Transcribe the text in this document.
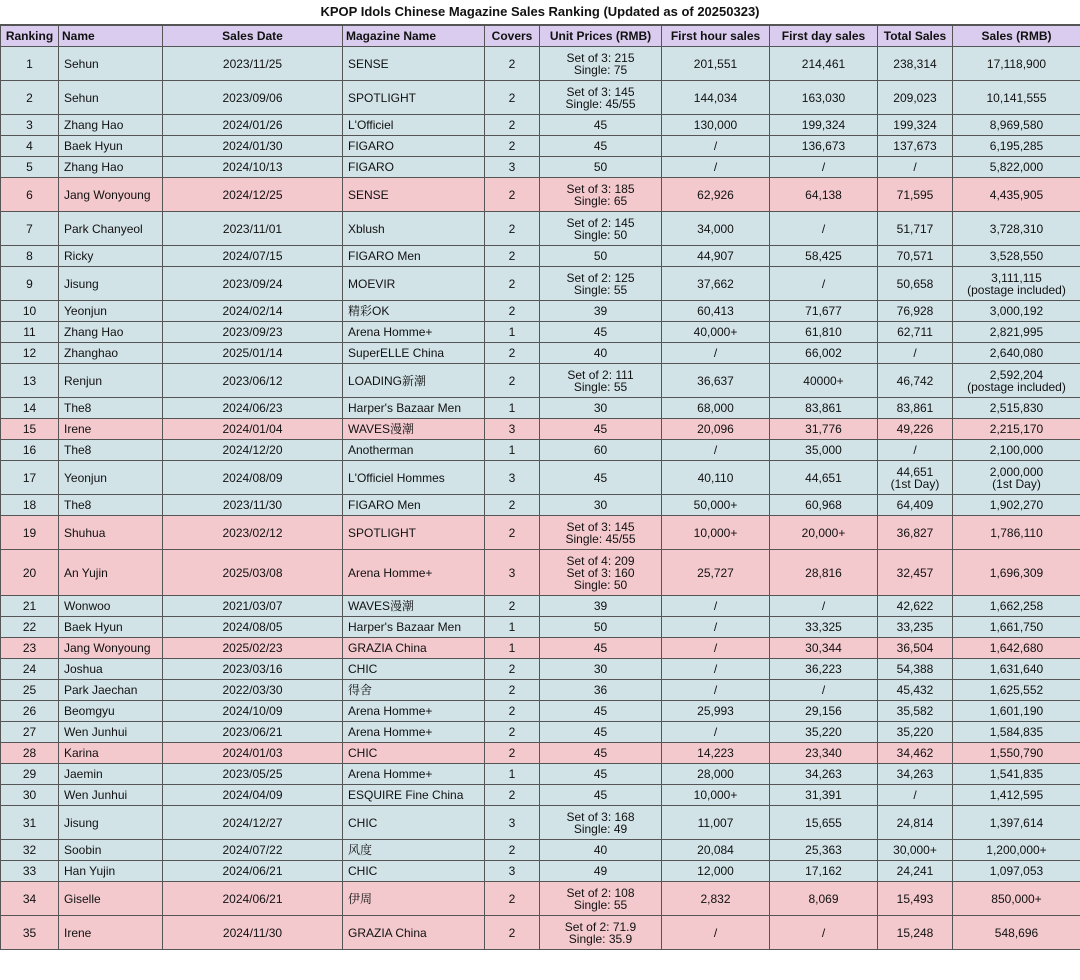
KPOP Idols Chinese Magazine Sales Ranking (Updated as of 20250323)
Ranking	Name	Sales Date	Magazine Name	Covers	Unit Prices (RMB)	First hour sales	First day sales	Total Sales	Sales (RMB)
1	Sehun	2023/11/25	SENSE	2	Set of 3: 215
Single: 75	201,551	214,461	238,314	17,118,900
2	Sehun	2023/09/06	SPOTLIGHT	2	Set of 3: 145
Single: 45/55	144,034	163,030	209,023	10,141,555
3	Zhang Hao	2024/01/26	L'Officiel	2	45	130,000	199,324	199,324	8,969,580
4	Baek Hyun	2024/01/30	FIGARO	2	45	/	136,673	137,673	6,195,285
5	Zhang Hao	2024/10/13	FIGARO	3	50	/	/	/	5,822,000
6	Jang Wonyoung	2024/12/25	SENSE	2	Set of 3: 185
Single: 65	62,926	64,138	71,595	4,435,905
7	Park Chanyeol	2023/11/01	Xblush	2	Set of 2: 145
Single: 50	34,000	/	51,717	3,728,310
8	Ricky	2024/07/15	FIGARO Men	2	50	44,907	58,425	70,571	3,528,550
9	Jisung	2023/09/24	MOEVIR	2	Set of 2: 125
Single: 55	37,662	/	50,658	3,111,115
(postage included)

10	Yeonjun	2024/02/14	精彩OK	2	39	60,413	71,677	76,928	3,000,192
11	Zhang Hao	2023/09/23	Arena Homme+	1	45	40,000+	61,810	62,711	2,821,995
12	Zhanghao	2025/01/14	SuperELLE China	2	40	/	66,002	/	2,640,080
13	Renjun	2023/06/12	LOADING新潮	2	Set of 2: 111
Single: 55	36,637	40000+	46,742	2,592,204
(postage included)

14	The8	2024/06/23	Harper's Bazaar Men	1	30	68,000	83,861	83,861	2,515,830
15	Irene	2024/01/04	WAVES漫潮	3	45	20,096	31,776	49,226	2,215,170
16	The8	2024/12/20	Anotherman	1	60	/	35,000	/	2,100,000
17	Yeonjun	2024/08/09	L'Officiel Hommes	3	45	40,110	44,651	44,651
(1st Day)	2,000,000
(1st Day)

18	The8	2023/11/30	FIGARO Men	2	30	50,000+	60,968	64,409	1,902,270
19	Shuhua	2023/02/12	SPOTLIGHT	2	Set of 3: 145
Single: 45/55	10,000+	20,000+	36,827	1,786,110
20	An Yujin	2025/03/08	Arena Homme+	3	Set of 4: 209
Set of 3: 160
Single: 50	25,727	28,816	32,457	1,696,309
21	Wonwoo	2021/03/07	WAVES漫潮	2	39	/	/	42,622	1,662,258
22	Baek Hyun	2024/08/05	Harper's Bazaar Men	1	50	/	33,325	33,235	1,661,750
23	Jang Wonyoung	2025/02/23	GRAZIA China	1	45	/	30,344	36,504	1,642,680
24	Joshua	2023/03/16	CHIC	2	30	/	36,223	54,388	1,631,640
25	Park Jaechan	2022/03/30	得舍	2	36	/	/	45,432	1,625,552
26	Beomgyu	2024/10/09	Arena Homme+	2	45	25,993	29,156	35,582	1,601,190
27	Wen Junhui	2023/06/21	Arena Homme+	2	45	/	35,220	35,220	1,584,835
28	Karina	2024/01/03	CHIC	2	45	14,223	23,340	34,462	1,550,790
29	Jaemin	2023/05/25	Arena Homme+	1	45	28,000	34,263	34,263	1,541,835
30	Wen Junhui	2024/04/09	ESQUIRE Fine China	2	45	10,000+	31,391	/	1,412,595
31	Jisung	2024/12/27	CHIC	3	Set of 3: 168
Single: 49	11,007	15,655	24,814	1,397,614
32	Soobin	2024/07/22	风度	2	40	20,084	25,363	30,000+	1,200,000+
33	Han Yujin	2024/06/21	CHIC	3	49	12,000	17,162	24,241	1,097,053
34	Giselle	2024/06/21	伊周	2	Set of 2: 108
Single: 55	2,832	8,069	15,493	850,000+
35	Irene	2024/11/30	GRAZIA China	2	Set of 2: 71.9
Single: 35.9	/	/	15,248	548,696
